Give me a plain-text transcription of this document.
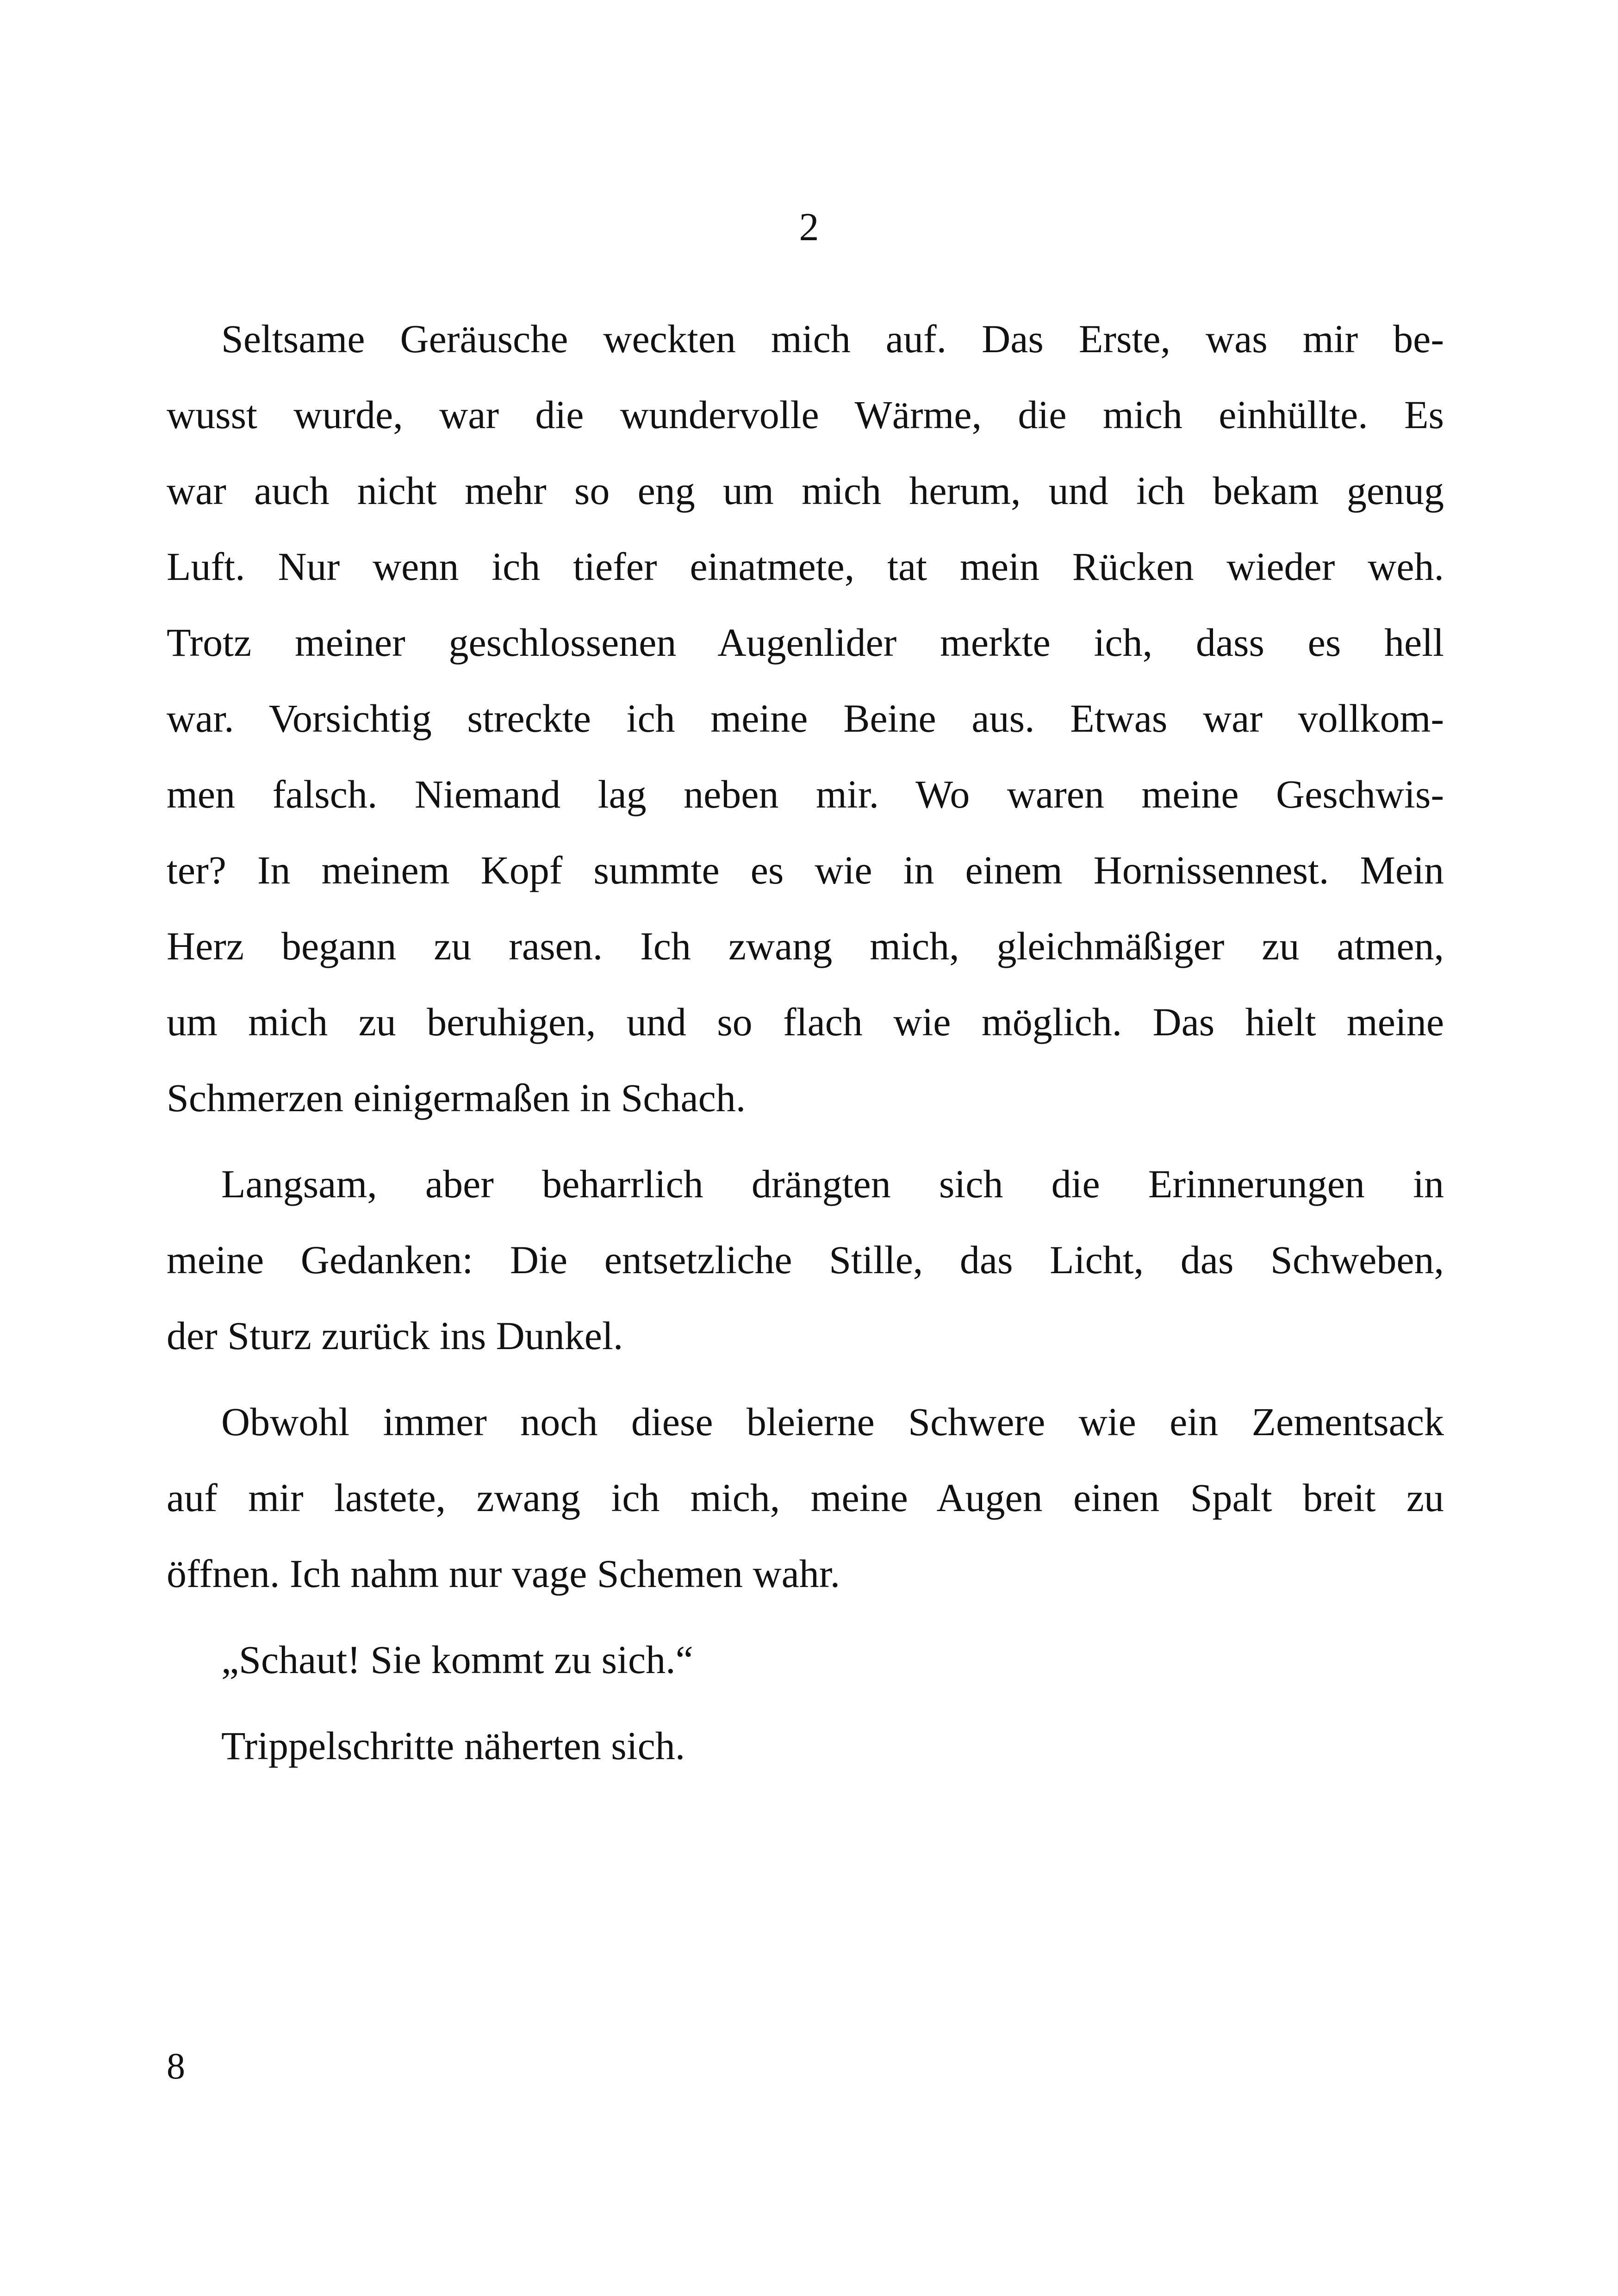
2
Seltsame Geräusche weckten mich auf. Das Erste, was mir be-
wusst wurde, war die wundervolle Wärme, die mich einhüllte. Es
war auch nicht mehr so eng um mich herum, und ich bekam genug
Luft. Nur wenn ich tiefer einatmete, tat mein Rücken wieder weh.
Trotz meiner geschlossenen Augenlider merkte ich, dass es hell
war. Vorsichtig streckte ich meine Beine aus. Etwas war vollkom-
men falsch. Niemand lag neben mir. Wo waren meine Geschwis-
ter? In meinem Kopf summte es wie in einem Hornissennest. Mein
Herz begann zu rasen. Ich zwang mich, gleichmäßiger zu atmen,
um mich zu beruhigen, und so flach wie möglich. Das hielt meine
Schmerzen einigermaßen in Schach.
Langsam, aber beharrlich drängten sich die Erinnerungen in
meine Gedanken: Die entsetzliche Stille, das Licht, das Schweben,
der Sturz zurück ins Dunkel.
Obwohl immer noch diese bleierne Schwere wie ein Zementsack
auf mir lastete, zwang ich mich, meine Augen einen Spalt breit zu
öffnen. Ich nahm nur vage Schemen wahr.
„Schaut! Sie kommt zu sich.“
Trippelschritte näherten sich.
8
